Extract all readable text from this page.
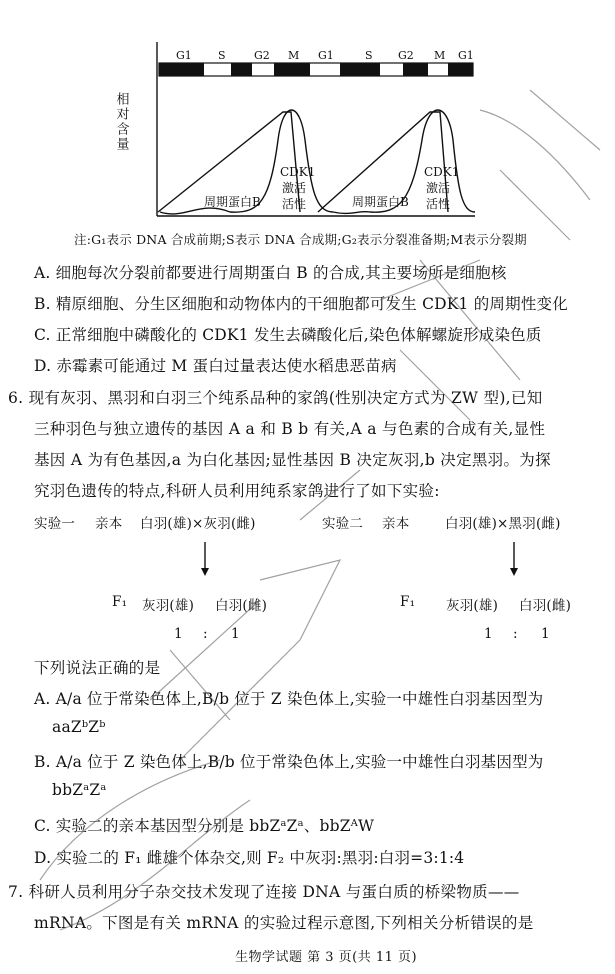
G1 S	G2 M G1	S G2 M G1
相对含量
周期蛋白B	周期蛋白B
CDK1
激活
活性
CDK1
激活
活性
注:G₁表示 DNA 合成前期;S表示 DNA 合成期;G₂表示分裂准备期;M表示分裂期
A. 细胞每次分裂前都要进行周期蛋白 B 的合成,其主要场所是细胞核
B. 精原细胞、分生区细胞和动物体内的干细胞都可发生 CDK1 的周期性变化
C. 正常细胞中磷酸化的 CDK1 发生去磷酸化后,染色体解螺旋形成染色质
D. 赤霉素可能通过 M 蛋白过量表达使水稻患恶苗病
6. 现有灰羽、黑羽和白羽三个纯系品种的家鸽(性别决定方式为 ZW 型),已知
三种羽色与独立遗传的基因 A a 和 B b 有关,A a 与色素的合成有关,显性
基因 A 为有色基因,a 为白化基因;显性基因 B 决定灰羽,b 决定黑羽。为探
究羽色遗传的特点,科研人员利用纯系家鸽进行了如下实验:
实验一 亲本 白羽(雄)×灰羽(雌)
F₁ 灰羽(雄) 白羽(雌)
1 : 1
实验二 亲本	白羽(雄)×黑羽(雌)
F₁ 灰羽(雄) 白羽(雌)
1 : 1
下列说法正确的是
A. A/a 位于常染色体上,B/b 位于 Z 染色体上,实验一中雄性白羽基因型为
aaZᵇZᵇ
B. A/a 位于 Z 染色体上,B/b 位于常染色体上,实验一中雄性白羽基因型为
bbZᵃZᵃ
C. 实验二的亲本基因型分别是 bbZᵃZᵃ、bbZᴬW
D. 实验二的 F₁ 雌雄个体杂交,则 F₂ 中灰羽:黑羽:白羽=3:1:4
7. 科研人员利用分子杂交技术发现了连接 DNA 与蛋白质的桥梁物质——
mRNA。下图是有关 mRNA 的实验过程示意图,下列相关分析错误的是
生物学试题 第 3 页(共 11 页)
